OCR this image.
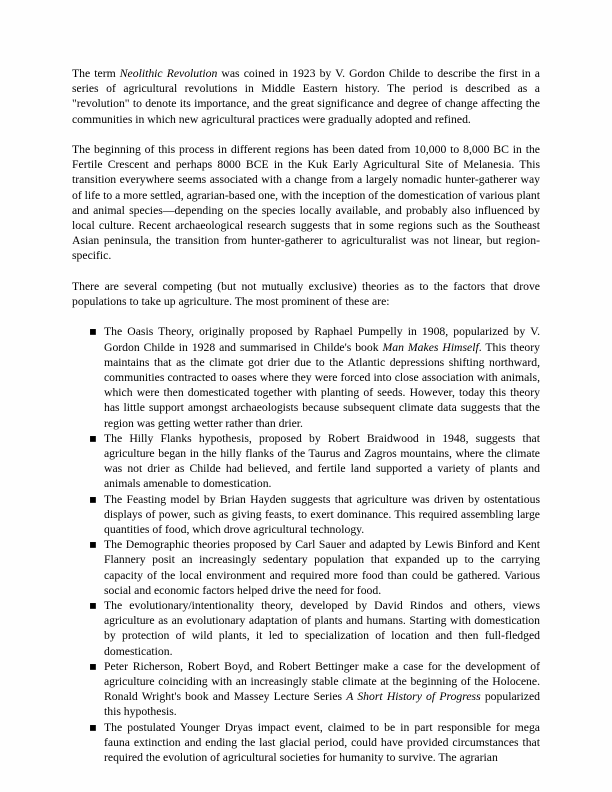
The term Neolithic Revolution was coined in 1923 by V. Gordon Childe to describe the first in a series of agricultural revolutions in Middle Eastern history. The period is described as a "revolution" to denote its importance, and the great significance and degree of change affecting the communities in which new agricultural practices were gradually adopted and refined.

The beginning of this process in different regions has been dated from 10,000 to 8,000 BC in the Fertile Crescent and perhaps 8000 BCE in the Kuk Early Agricultural Site of Melanesia. This transition everywhere seems associated with a change from a largely nomadic hunter-gatherer way of life to a more settled, agrarian-based one, with the inception of the domestication of various plant and animal species—depending on the species locally available, and probably also influenced by local culture. Recent archaeological research suggests that in some regions such as the Southeast Asian peninsula, the transition from hunter-gatherer to agriculturalist was not linear, but region-specific.

There are several competing (but not mutually exclusive) theories as to the factors that drove populations to take up agriculture. The most prominent of these are:

▪ The Oasis Theory, originally proposed by Raphael Pumpelly in 1908, popularized by V. Gordon Childe in 1928 and summarised in Childe's book Man Makes Himself. This theory maintains that as the climate got drier due to the Atlantic depressions shifting northward, communities contracted to oases where they were forced into close association with animals, which were then domesticated together with planting of seeds. However, today this theory has little support amongst archaeologists because subsequent climate data suggests that the region was getting wetter rather than drier.
▪ The Hilly Flanks hypothesis, proposed by Robert Braidwood in 1948, suggests that agriculture began in the hilly flanks of the Taurus and Zagros mountains, where the climate was not drier as Childe had believed, and fertile land supported a variety of plants and animals amenable to domestication.
▪ The Feasting model by Brian Hayden suggests that agriculture was driven by ostentatious displays of power, such as giving feasts, to exert dominance. This required assembling large quantities of food, which drove agricultural technology.
▪ The Demographic theories proposed by Carl Sauer and adapted by Lewis Binford and Kent Flannery posit an increasingly sedentary population that expanded up to the carrying capacity of the local environment and required more food than could be gathered. Various social and economic factors helped drive the need for food.
▪ The evolutionary/intentionality theory, developed by David Rindos and others, views agriculture as an evolutionary adaptation of plants and humans. Starting with domestication by protection of wild plants, it led to specialization of location and then full-fledged domestication.
▪ Peter Richerson, Robert Boyd, and Robert Bettinger make a case for the development of agriculture coinciding with an increasingly stable climate at the beginning of the Holocene. Ronald Wright's book and Massey Lecture Series A Short History of Progress popularized this hypothesis.
▪ The postulated Younger Dryas impact event, claimed to be in part responsible for mega fauna extinction and ending the last glacial period, could have provided circumstances that required the evolution of agricultural societies for humanity to survive. The agrarian
